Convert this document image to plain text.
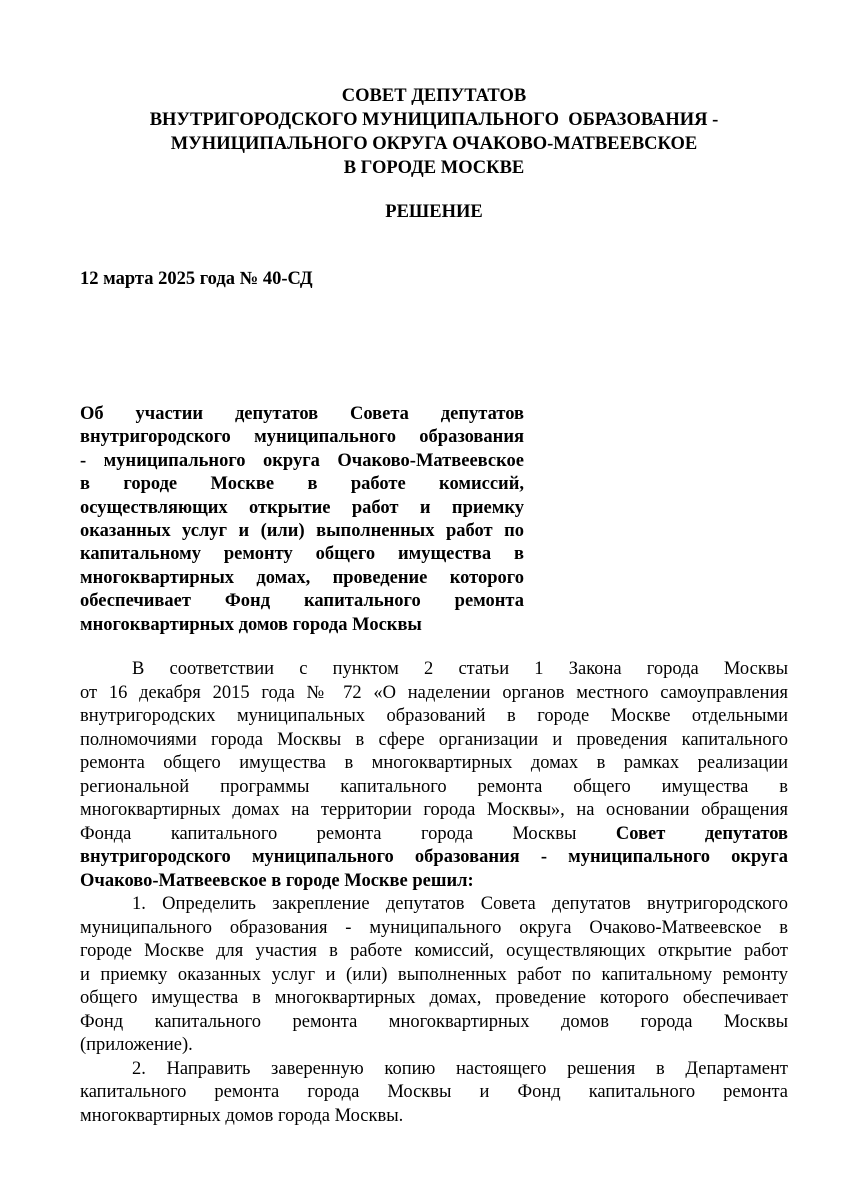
СОВЕТ ДЕПУТАТОВ
ВНУТРИГОРОДСКОГО МУНИЦИПАЛЬНОГО  ОБРАЗОВАНИЯ -
МУНИЦИПАЛЬНОГО ОКРУГА ОЧАКОВО-МАТВЕЕВСКОЕ
В ГОРОДЕ МОСКВЕ
РЕШЕНИЕ
12 марта 2025 года № 40-СД
Об участии депутатов Совета депутатов
внутригородского муниципального образования
- муниципального округа Очаково-Матвеевское
в городе Москве в работе комиссий,
осуществляющих открытие работ и приемку
оказанных услуг и (или) выполненных работ по
капитальному ремонту общего имущества в
многоквартирных домах, проведение которого
обеспечивает Фонд капитального ремонта
многоквартирных домов города Москвы
В соответствии с пунктом 2 статьи 1 Закона города Москвы
от 16 декабря 2015 года № 72 «О наделении органов местного самоуправления
внутригородских муниципальных образований в городе Москве отдельными
полномочиями города Москвы в сфере организации и проведения капитального
ремонта общего имущества в многоквартирных домах в рамках реализации
региональной программы капитального ремонта общего имущества в
многоквартирных домах на территории города Москвы», на основании обращения
Фонда капитального ремонта города Москвы Совет депутатов
внутригородского муниципального образования - муниципального округа
Очаково-Матвеевское в городе Москве решил:
1. Определить закрепление депутатов Совета депутатов внутригородского
муниципального образования - муниципального округа Очаково-Матвеевское в
городе Москве для участия в работе комиссий, осуществляющих открытие работ
и приемку оказанных услуг и (или) выполненных работ по капитальному ремонту
общего имущества в многоквартирных домах, проведение которого обеспечивает
Фонд капитального ремонта многоквартирных домов города Москвы
(приложение).
2. Направить заверенную копию настоящего решения в Департамент
капитального ремонта города Москвы и Фонд капитального ремонта
многоквартирных домов города Москвы.
